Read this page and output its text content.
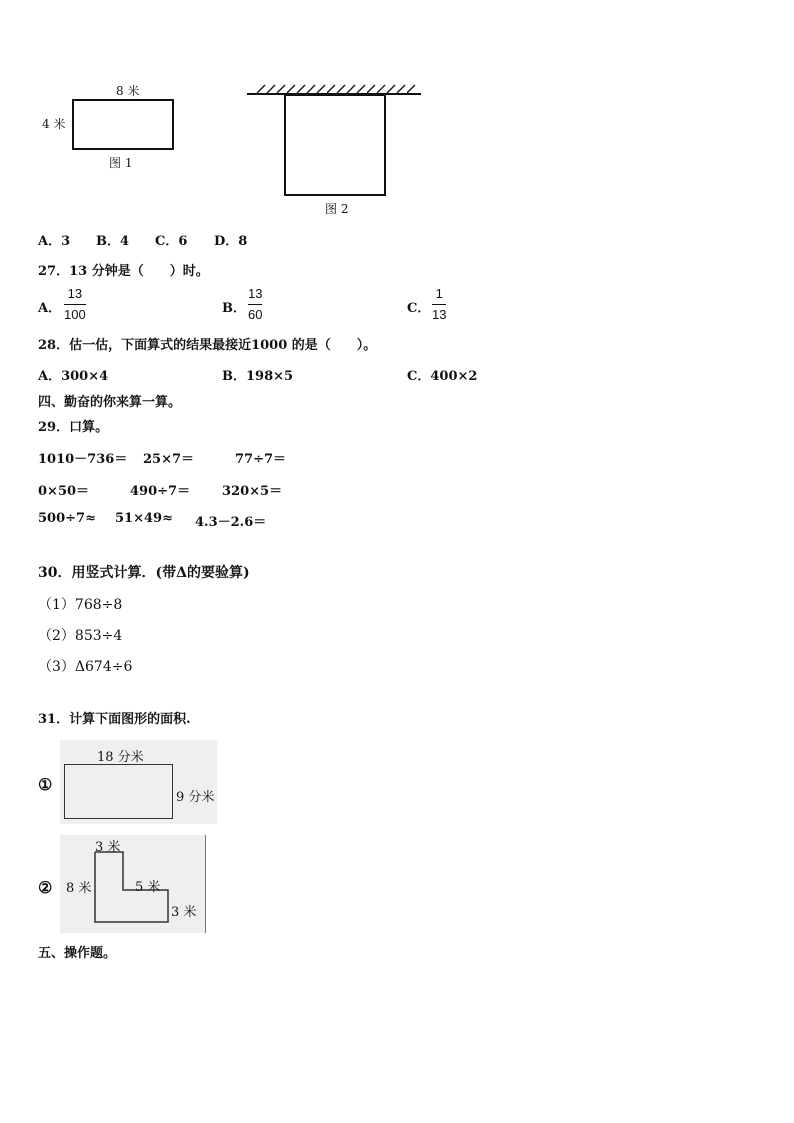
8 米
4 米
图 1
图 2
A．3 B．4 C．6 D．8
27．13 分钟是（　　）时。
A．
13
100	B．
13
60	C．
1
13
28．估一估，下面算式的结果最接近1000 的是（　　）。
A．300×4	B．198×5	C．400×2
四、勤奋的你来算一算。
29．口算。
1010－736＝ 25×7＝	77÷7＝
0×50＝	490÷7＝ 320×5＝
500÷7≈ 51×49≈ 4.3－2.6＝
30．用竖式计算．(带Δ的要验算)
（1）768÷8
（2）853÷4
（3）Δ674÷6
31．计算下面图形的面积.
①
18 分米
9 分米
②
3 米
8 米	5 米
3 米
五、操作题。
